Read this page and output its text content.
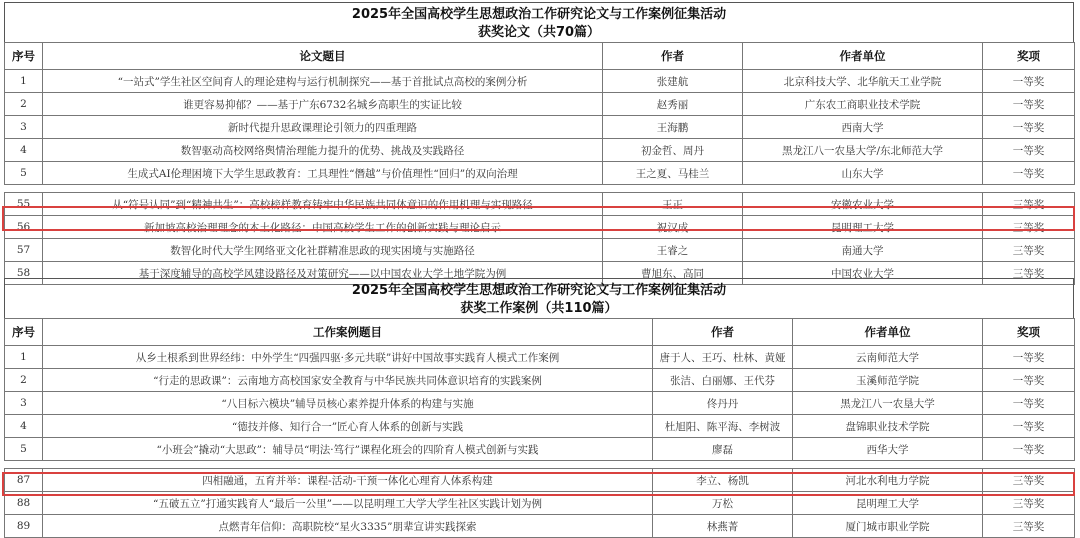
2025年全国高校学生思想政治工作研究论文与工作案例征集活动
获奖论文（共70篇）
序号	论文题目	作者	作者单位	奖项
1	“一站式”学生社区空间育人的理论建构与运行机制探究——基于首批试点高校的案例分析	张建航	北京科技大学、北华航天工业学院	一等奖
2	谁更容易抑郁？——基于广东6732名城乡高职生的实证比较	赵秀丽	广东农工商职业技术学院	一等奖
3	新时代提升思政课理论引领力的四重理路	王海鹏	西南大学	一等奖
4	数智驱动高校网络舆情治理能力提升的优势、挑战及实践路径	初金哲、周丹	黑龙江八一农垦大学/东北师范大学	一等奖
5	生成式AI伦理困境下大学生思政教育：工具理性“僭越”与价值理性“回归”的双向治理	王之夏、马桂兰	山东大学	一等奖
55	从“符号认同”到“精神共生”：高校榜样教育铸牢中华民族共同体意识的作用机理与实现路径	王正	安徽农业大学	三等奖
56	新加坡高校治理理念的本土化路径：中国高校学生工作的创新实践与理论启示	祝汉成	昆明理工大学	三等奖
57	数智化时代大学生网络亚文化社群精准思政的现实困境与实施路径	王睿之	南通大学	三等奖
58	基于深度辅导的高校学风建设路径及对策研究——以中国农业大学土地学院为例	曹旭东、高同	中国农业大学	三等奖
2025年全国高校学生思想政治工作研究论文与工作案例征集活动
获奖工作案例（共110篇）
序号	工作案例题目	作者	作者单位	奖项
1	从乡土根系到世界经纬：中外学生“四强四驱·多元共联”讲好中国故事实践育人模式工作案例	唐于人、王巧、杜林、黄娅	云南师范大学	一等奖
2	“行走的思政课”：云南地方高校国家安全教育与中华民族共同体意识培育的实践案例	张洁、白丽娜、王代芬	玉溪师范学院	一等奖
3	“八目标六模块”辅导员核心素养提升体系的构建与实施	佟丹丹	黑龙江八一农垦大学	一等奖
4	“德技并修、知行合一”匠心育人体系的创新与实践	杜旭阳、陈平海、李树波	盘锦职业技术学院	一等奖
5	“小班会”撬动“大思政”：辅导员“明法·笃行”课程化班会的四阶育人模式创新与实践	廖磊	西华大学	一等奖
87	四相融通，五育并举：课程-活动-干预一体化心理育人体系构建	李立、杨凯	河北水利电力学院	三等奖
88	“五破五立”打通实践育人“最后一公里”——以昆明理工大学大学生社区实践计划为例	万松	昆明理工大学	三等奖
89	点燃青年信仰：高职院校“星火3335”朋辈宣讲实践探索	林燕菁	厦门城市职业学院	三等奖
